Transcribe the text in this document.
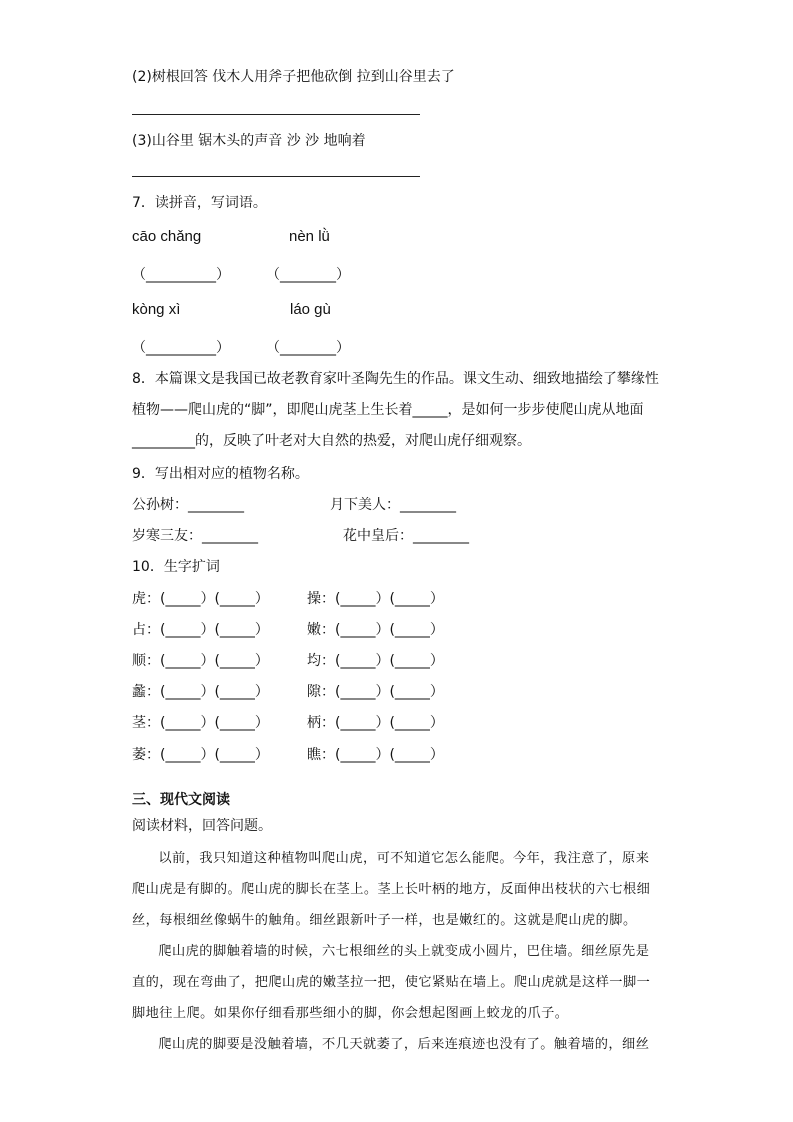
(2)树根回答 伐木人用斧子把他砍倒 拉到山谷里去了
(3)山谷里 锯木头的声音 沙 沙 地响着
7．读拼音，写词语。
cāo chǎng	nèn lǜ
（__________）	（________）
kòng xì	láo gù
（__________）	（________）
8．本篇课文是我国已故老教育家叶圣陶先生的作品。课文生动、细致地描绘了攀缘性
植物——爬山虎的“脚”，即爬山虎茎上生长着_____，是如何一步步使爬山虎从地面
_________的，反映了叶老对大自然的热爱，对爬山虎仔细观察。
9．写出相对应的植物名称。
公孙树：________	月下美人：________
岁寒三友：________	花中皇后：________
10．生字扩词
虎：(_____）(_____）	操：(_____）(_____）
占：(_____）(_____）	嫩：(_____）(_____）
顺：(_____）(_____）	均：(_____）(_____）
蠡：(_____）(_____）	隙：(_____）(_____）
茎：(_____）(_____）	柄：(_____）(_____）
萎：(_____）(_____）	瞧：(_____）(_____）
三、现代文阅读
阅读材料，回答问题。
以前，我只知道这种植物叫爬山虎，可不知道它怎么能爬。今年，我注意了，原来爬山虎是有脚的。爬山虎的脚长在茎上。茎上长叶柄的地方，反面伸出枝状的六七根细丝，每根细丝像蜗牛的触角。细丝跟新叶子一样，也是嫩红的。这就是爬山虎的脚。
爬山虎的脚触着墙的时候，六七根细丝的头上就变成小圆片，巴住墙。细丝原先是直的，现在弯曲了，把爬山虎的嫩茎拉一把，使它紧贴在墙上。爬山虎就是这样一脚一脚地往上爬。如果你仔细看那些细小的脚，你会想起图画上蛟龙的爪子。
爬山虎的脚要是没触着墙，不几天就萎了，后来连痕迹也没有了。触着墙的，细丝
